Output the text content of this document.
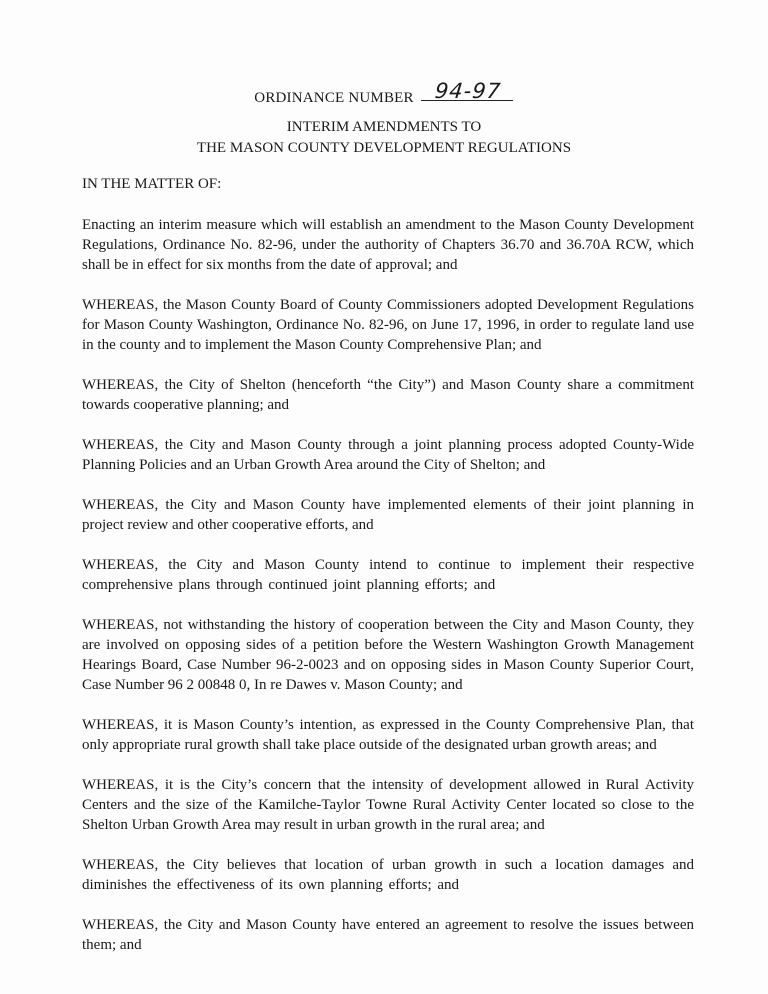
ORDINANCE NUMBER 94-97
INTERIM AMENDMENTS TO
THE MASON COUNTY DEVELOPMENT REGULATIONS
IN THE MATTER OF:

Enacting an interim measure which will establish an amendment to the Mason County Development Regulations, Ordinance No. 82-96, under the authority of Chapters 36.70 and 36.70A RCW, which shall be in effect for six months from the date of approval; and

WHEREAS, the Mason County Board of County Commissioners adopted Development Regulations for Mason County Washington, Ordinance No. 82-96, on June 17, 1996, in order to regulate land use in the county and to implement the Mason County Comprehensive Plan; and

WHEREAS, the City of Shelton (henceforth “the City”) and Mason County share a commitment towards cooperative planning; and

WHEREAS, the City and Mason County through a joint planning process adopted County-Wide Planning Policies and an Urban Growth Area around the City of Shelton; and

WHEREAS, the City and Mason County have implemented elements of their joint planning in project review and other cooperative efforts, and

WHEREAS, the City and Mason County intend to continue to implement their respective comprehensive plans through continued joint planning efforts; and

WHEREAS, not withstanding the history of cooperation between the City and Mason County, they are involved on opposing sides of a petition before the Western Washington Growth Management Hearings Board, Case Number 96-2-0023 and on opposing sides in Mason County Superior Court, Case Number 96 2 00848 0, In re Dawes v. Mason County; and

WHEREAS, it is Mason County’s intention, as expressed in the County Comprehensive Plan, that only appropriate rural growth shall take place outside of the designated urban growth areas; and

WHEREAS, it is the City’s concern that the intensity of development allowed in Rural Activity Centers and the size of the Kamilche-Taylor Towne Rural Activity Center located so close to the Shelton Urban Growth Area may result in urban growth in the rural area; and

WHEREAS, the City believes that location of urban growth in such a location damages and diminishes the effectiveness of its own planning efforts; and

WHEREAS, the City and Mason County have entered an agreement to resolve the issues between them; and
